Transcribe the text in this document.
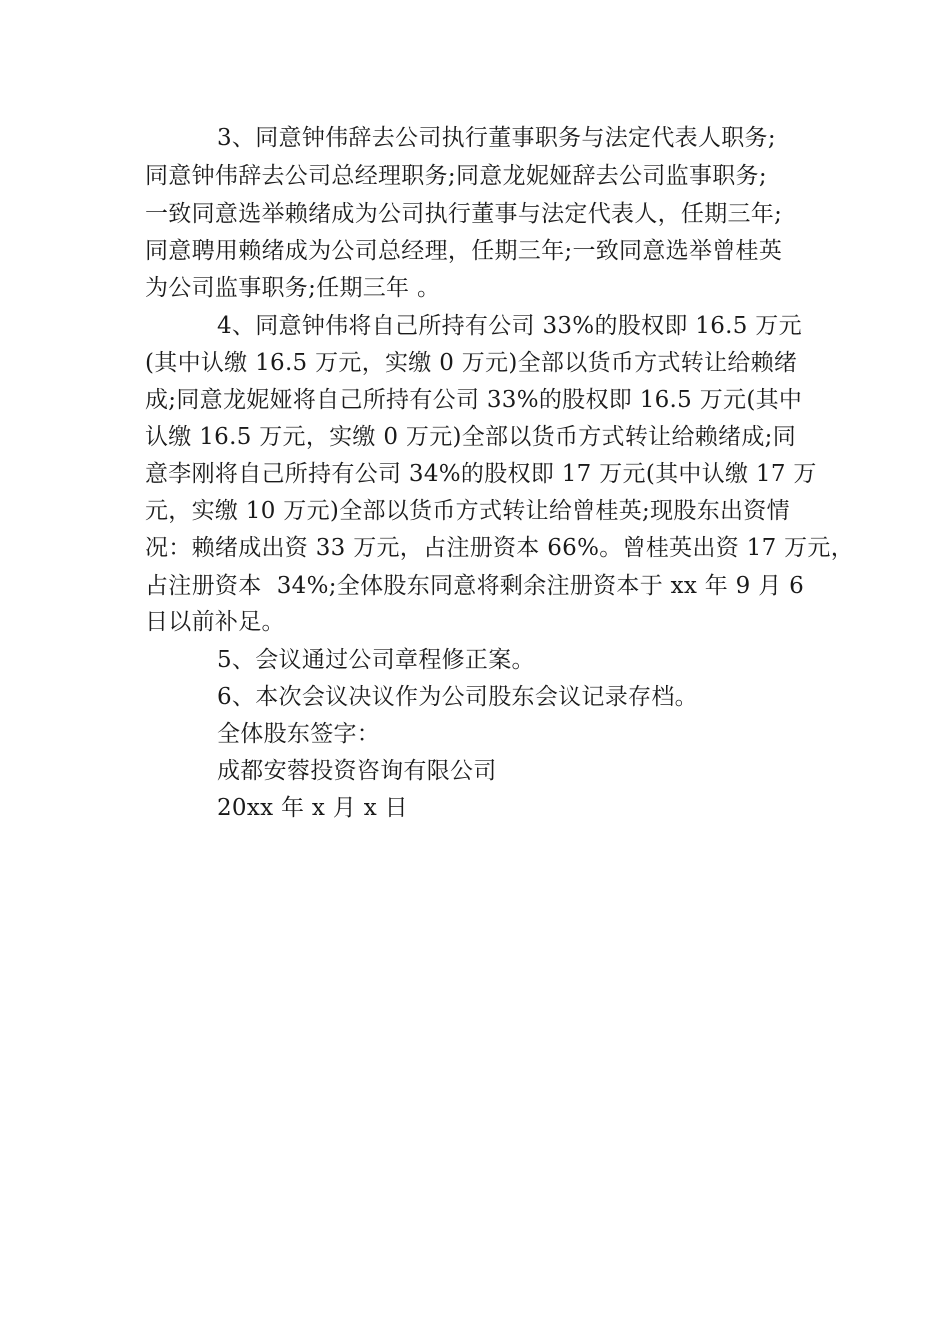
3、同意钟伟辞去公司执行董事职务与法定代表人职务;
同意钟伟辞去公司总经理职务;同意龙妮娅辞去公司监事职务;
一致同意选举赖绪成为公司执行董事与法定代表人，任期三年;
同意聘用赖绪成为公司总经理，任期三年;一致同意选举曾桂英
为公司监事职务;任期三年 。
4、同意钟伟将自己所持有公司 33%的股权即 16.5 万元
(其中认缴 16.5 万元，实缴 0 万元)全部以货币方式转让给赖绪
成;同意龙妮娅将自己所持有公司 33%的股权即 16.5 万元(其中
认缴 16.5 万元，实缴 0 万元)全部以货币方式转让给赖绪成;同
意李刚将自己所持有公司 34%的股权即 17 万元(其中认缴 17 万
元，实缴 10 万元)全部以货币方式转让给曾桂英;现股东出资情
况：赖绪成出资 33 万元，占注册资本 66%。曾桂英出资 17 万元，
占注册资本  34%;全体股东同意将剩余注册资本于 xx 年 9 月 6
日以前补足。
5、会议通过公司章程修正案。
6、本次会议决议作为公司股东会议记录存档。
全体股东签字：
成都安蓉投资咨询有限公司
20xx 年 x 月 x 日
